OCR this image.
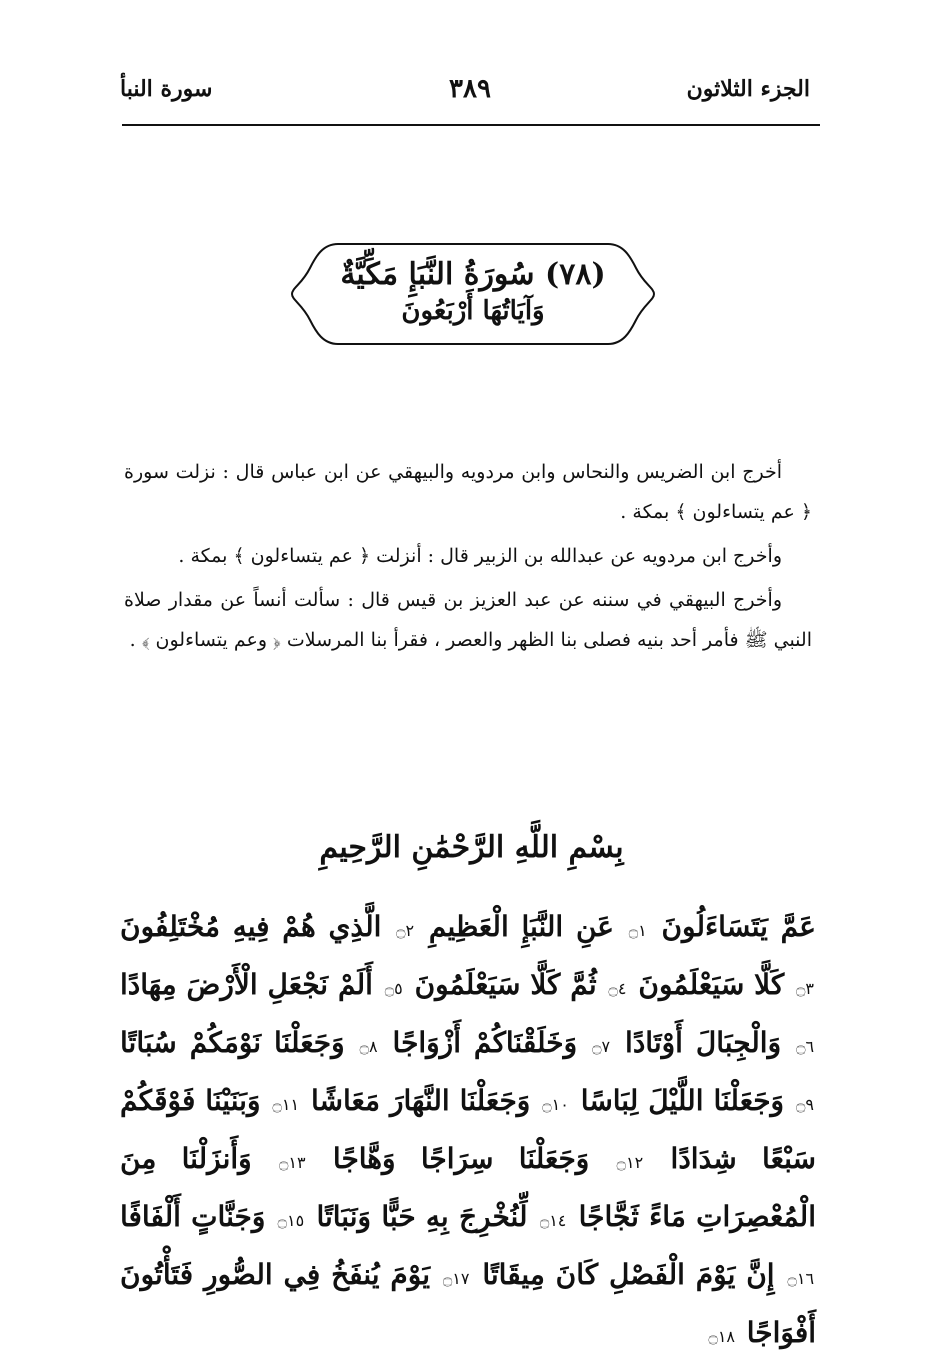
الجزء الثلاثون
٣٨٩
سورة النبأ
(٧٨) سُورَةُ النَّبَإِ مَكِّيَّةٌ
وَآيَاتُهَا أَرْبَعُونَ

أخرج ابن الضريس والنحاس وابن مردويه والبيهقي عن ابن عباس قال : نزلت سورة ﴿ عم يتساءلون ﴾ بمكة .

وأخرج ابن مردويه عن عبدالله بن الزبير قال : أنزلت ﴿ عم يتساءلون ﴾ بمكة .

وأخرج البيهقي في سننه عن عبد العزيز بن قيس قال : سألت أنساً عن مقدار صلاة النبي ﷺ فأمر أحد بنيه فصلى بنا الظهر والعصر ، فقرأ بنا المرسلات ﴿ وعم يتساءلون ﴾ .

بِسْمِ اللَّهِ الرَّحْمَٰنِ الرَّحِيمِ
عَمَّ يَتَسَاءَلُونَ ۝١ عَنِ النَّبَإِ الْعَظِيمِ ۝٢ الَّذِي هُمْ فِيهِ مُخْتَلِفُونَ ۝٣ كَلَّا سَيَعْلَمُونَ ۝٤ ثُمَّ كَلَّا سَيَعْلَمُونَ ۝٥ أَلَمْ نَجْعَلِ الْأَرْضَ مِهَادًا ۝٦ وَالْجِبَالَ أَوْتَادًا ۝٧ وَخَلَقْنَاكُمْ أَزْوَاجًا ۝٨ وَجَعَلْنَا نَوْمَكُمْ سُبَاتًا ۝٩ وَجَعَلْنَا اللَّيْلَ لِبَاسًا ۝١٠ وَجَعَلْنَا النَّهَارَ مَعَاشًا ۝١١ وَبَنَيْنَا فَوْقَكُمْ سَبْعًا شِدَادًا ۝١٢ وَجَعَلْنَا سِرَاجًا وَهَّاجًا ۝١٣ وَأَنزَلْنَا مِنَ الْمُعْصِرَاتِ مَاءً ثَجَّاجًا ۝١٤ لِّنُخْرِجَ بِهِ حَبًّا وَنَبَاتًا ۝١٥ وَجَنَّاتٍ أَلْفَافًا ۝١٦ إِنَّ يَوْمَ الْفَصْلِ كَانَ مِيقَاتًا ۝١٧ يَوْمَ يُنفَخُ فِي الصُّورِ فَتَأْتُونَ أَفْوَاجًا ۝١٨
